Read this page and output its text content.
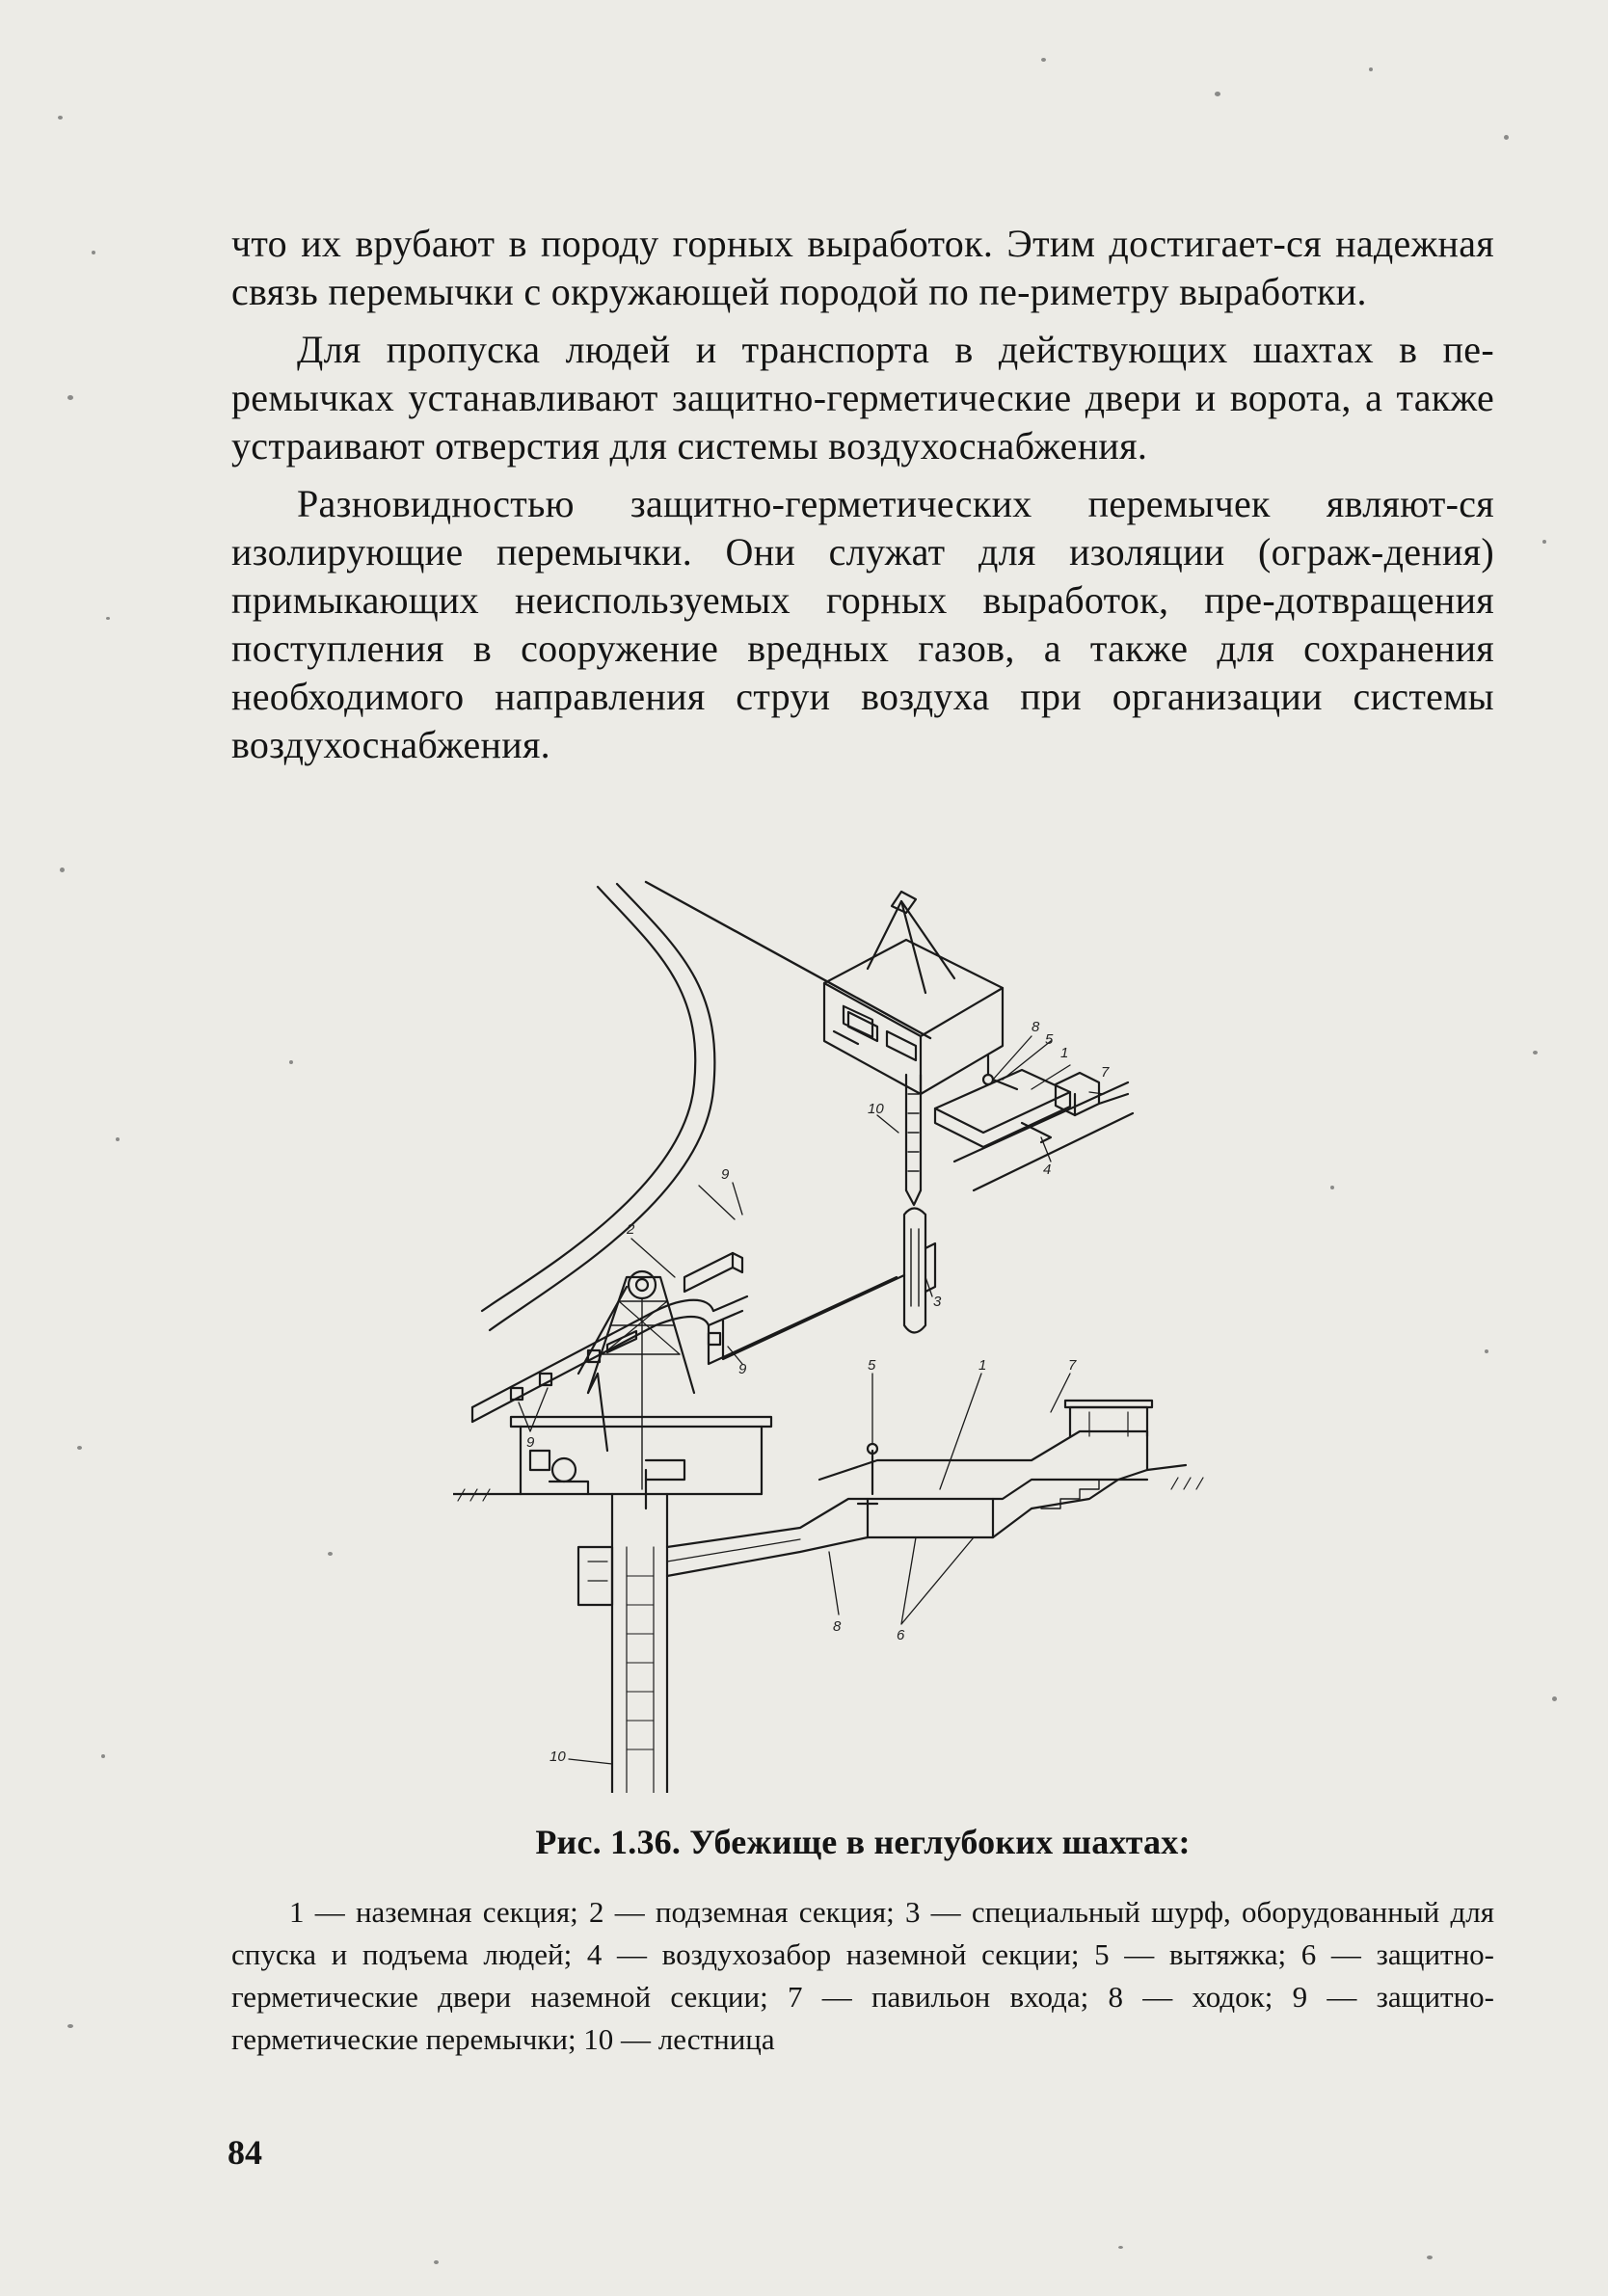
что их врубают в породу горных выработок. Этим достигает-ся надежная связь перемычки с окружающей породой по пе-риметру выработки.

Для пропуска людей и транспорта в действующих шахтах в пе-ремычках устанавливают защитно-герметические двери и ворота, а также устраивают отверстия для системы воздухоснабжения.

Разновидностью защитно-герметических перемычек являют-ся изолирующие перемычки. Они служат для изоляции (ограж-дения) примыкающих неиспользуемых горных выработок, пре-дотвращения поступления в сооружение вредных газов, а также для сохранения необходимого направления струи воздуха при организации системы воздухоснабжения.

8
5
1
7
10
9
2
3
4
9
9
5	1	7
8
6
10
Рис. 1.36. Убежище в неглубоких шахтах:
1 — наземная секция; 2 — подземная секция; 3 — специальный шурф, оборудованный для спуска и подъема людей; 4 — воздухозабор наземной секции; 5 — вытяжка; 6 — защитно-герметические двери наземной секции; 7 — павильон входа; 8 — ходок; 9 — защитно-герметические перемычки; 10 — лестница
84
